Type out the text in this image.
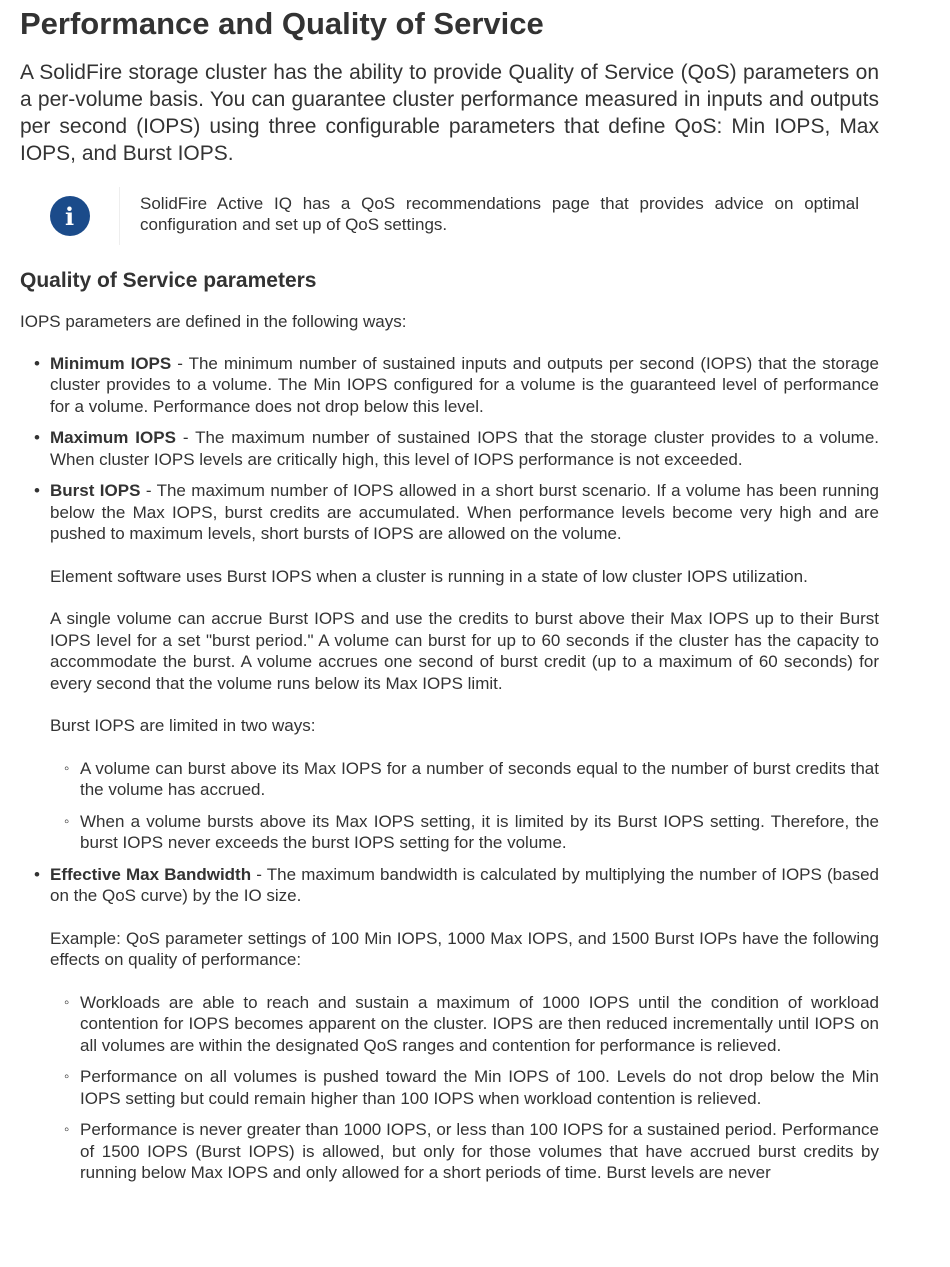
Performance and Quality of Service

A SolidFire storage cluster has the ability to provide Quality of Service (QoS) parameters on a per-volume basis. You can guarantee cluster performance measured in inputs and outputs per second (IOPS) using three configurable parameters that define QoS: Min IOPS, Max IOPS, and Burst IOPS.

i	SolidFire Active IQ has a QoS recommendations page that provides advice on optimal configuration and set up of QoS settings.
Quality of Service parameters

IOPS parameters are defined in the following ways:

• Minimum IOPS - The minimum number of sustained inputs and outputs per second (IOPS) that the storage cluster provides to a volume. The Min IOPS configured for a volume is the guaranteed level of performance for a volume. Performance does not drop below this level.
• Maximum IOPS - The maximum number of sustained IOPS that the storage cluster provides to a volume. When cluster IOPS levels are critically high, this level of IOPS performance is not exceeded.

• Burst IOPS - The maximum number of IOPS allowed in a short burst scenario. If a volume has been running below the Max IOPS, burst credits are accumulated. When performance levels become very high and are pushed to maximum levels, short bursts of IOPS are allowed on the volume.

Element software uses Burst IOPS when a cluster is running in a state of low cluster IOPS utilization.

A single volume can accrue Burst IOPS and use the credits to burst above their Max IOPS up to their Burst IOPS level for a set "burst period." A volume can burst for up to 60 seconds if the cluster has the capacity to accommodate the burst. A volume accrues one second of burst credit (up to a maximum of 60 seconds) for every second that the volume runs below its Max IOPS limit.

Burst IOPS are limited in two ways:

◦ A volume can burst above its Max IOPS for a number of seconds equal to the number of burst credits that the volume has accrued.
◦ When a volume bursts above its Max IOPS setting, it is limited by its Burst IOPS setting. Therefore, the burst IOPS never exceeds the burst IOPS setting for the volume.

• Effective Max Bandwidth - The maximum bandwidth is calculated by multiplying the number of IOPS (based on the QoS curve) by the IO size.

Example: QoS parameter settings of 100 Min IOPS, 1000 Max IOPS, and 1500 Burst IOPs have the following effects on quality of performance:

◦ Workloads are able to reach and sustain a maximum of 1000 IOPS until the condition of workload contention for IOPS becomes apparent on the cluster. IOPS are then reduced incrementally until IOPS on all volumes are within the designated QoS ranges and contention for performance is relieved.
◦ Performance on all volumes is pushed toward the Min IOPS of 100. Levels do not drop below the Min IOPS setting but could remain higher than 100 IOPS when workload contention is relieved.
◦ Performance is never greater than 1000 IOPS, or less than 100 IOPS for a sustained period. Performance of 1500 IOPS (Burst IOPS) is allowed, but only for those volumes that have accrued burst credits by running below Max IOPS and only allowed for a short periods of time. Burst levels are never
